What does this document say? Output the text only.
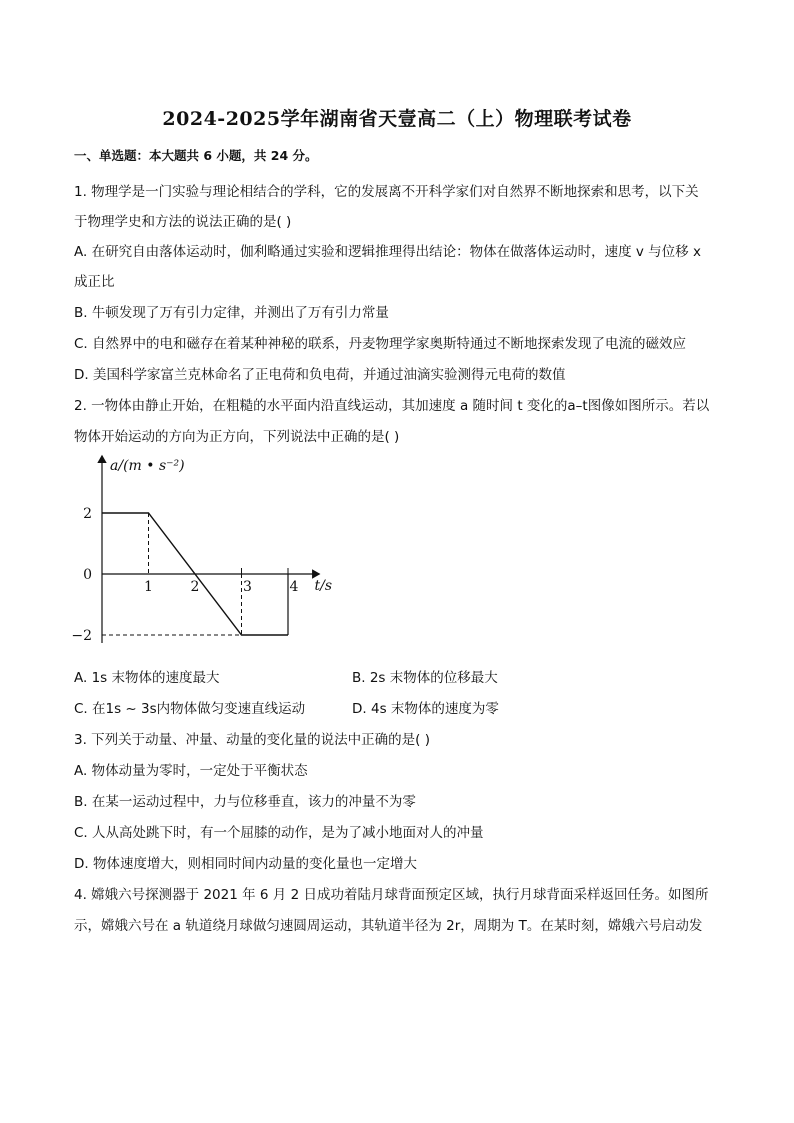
2024-2025学年湖南省天壹高二（上）物理联考试卷
一、单选题：本大题共 6 小题，共 24 分。
1. 物理学是一门实验与理论相结合的学科，它的发展离不开科学家们对自然界不断地探索和思考，以下关
于物理学史和方法的说法正确的是( )
A. 在研究自由落体运动时，伽利略通过实验和逻辑推理得出结论：物体在做落体运动时，速度 v 与位移 x
成正比
B. 牛顿发现了万有引力定律，并测出了万有引力常量
C. 自然界中的电和磁存在着某种神秘的联系，丹麦物理学家奥斯特通过不断地探索发现了电流的磁效应
D. 美国科学家富兰克林命名了正电荷和负电荷，并通过油滴实验测得元电荷的数值
2. 一物体由静止开始，在粗糙的水平面内沿直线运动，其加速度 a 随时间 t 变化的a–t图像如图所示。若以
物体开始运动的方向为正方向，下列说法中正确的是( )
a/(m • s⁻²)
t/s
1	2	3	4
2
0
−2
A. 1s 末物体的速度最大	B. 2s 末物体的位移最大
C. 在1s ~ 3s内物体做匀变速直线运动	D. 4s 末物体的速度为零
3. 下列关于动量、冲量、动量的变化量的说法中正确的是( )
A. 物体动量为零时，一定处于平衡状态
B. 在某一运动过程中，力与位移垂直，该力的冲量不为零
C. 人从高处跳下时，有一个屈膝的动作，是为了减小地面对人的冲量
D. 物体速度增大，则相同时间内动量的变化量也一定增大
4. 嫦娥六号探测器于 2021 年 6 月 2 日成功着陆月球背面预定区域，执行月球背面采样返回任务。如图所
示，嫦娥六号在 a 轨道绕月球做匀速圆周运动，其轨道半径为 2r，周期为 T。在某时刻，嫦娥六号启动发
